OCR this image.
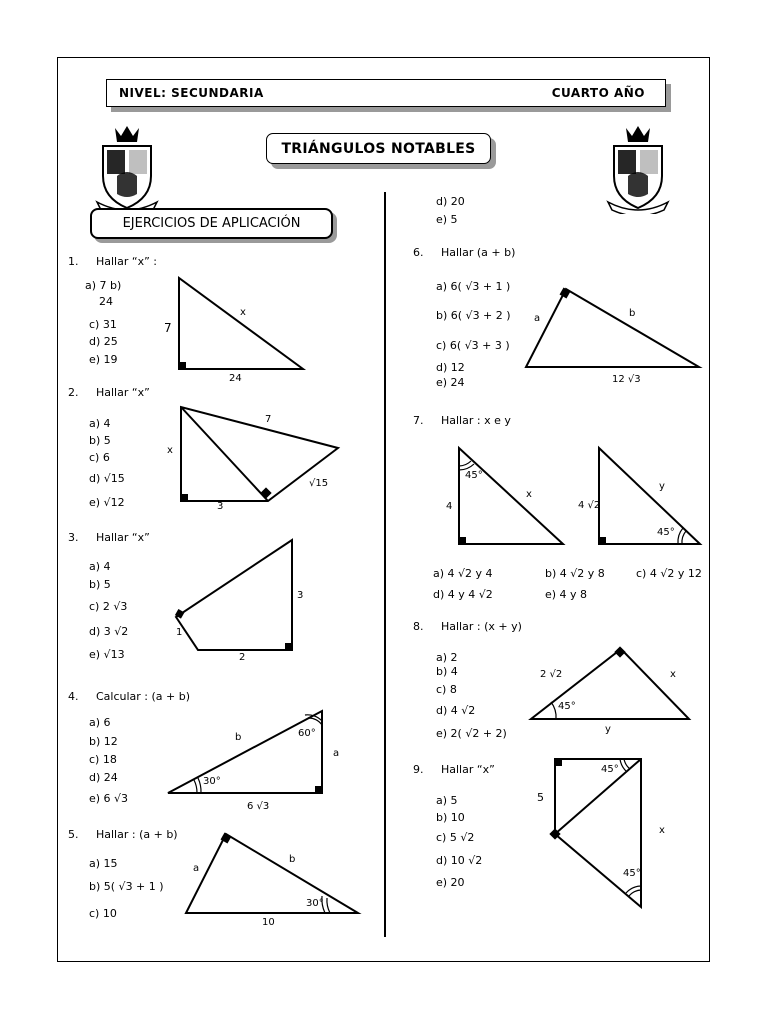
NIVEL: SECUNDARIA	CUARTO AÑO
TRIÁNGULOS NOTABLES
EJERCICIOS DE APLICACIÓN
1. Hallar “x” :
a) 7 b)
24
c) 31
d) 25
e) 19
x
7
24
2. Hallar “x”
a) 4
b) 5
c) 6
d) √15
e) √12
x
7
3
√15
3. Hallar “x”
a) 4
b) 5
c) 2 √3
d) 3 √2
e) √13
3
1
2
4. Calcular : (a + b)
a) 6
b) 12
c) 18
d) 24
e) 6 √3
b
a
60°
30°
6 √3
5. Hallar : (a + b)
a) 15
b) 5( √3 + 1 )
c) 10
a
b
30°
10
d) 20
e) 5
6. Hallar (a + b)
a) 6( √3 + 1 )
b) 6( √3 + 2 )
c) 6( √3 + 3 )
d) 12
e) 24
a	b
12 √3
7. Hallar : x e y
45°
4
x
4 √2
y
45°
a) 4 √2 y 4	b) 4 √2 y 8	c) 4 √2 y 12
d) 4 y 4 √2	e) 4 y 8
8. Hallar : (x + y)
a) 2
b) 4
c) 8
d) 4 √2
e) 2( √2 + 2)
2 √2	x
45°
y
9. Hallar “x”
a) 5
b) 10
c) 5 √2
d) 10 √2
e) 20
5
45°
x
45°
